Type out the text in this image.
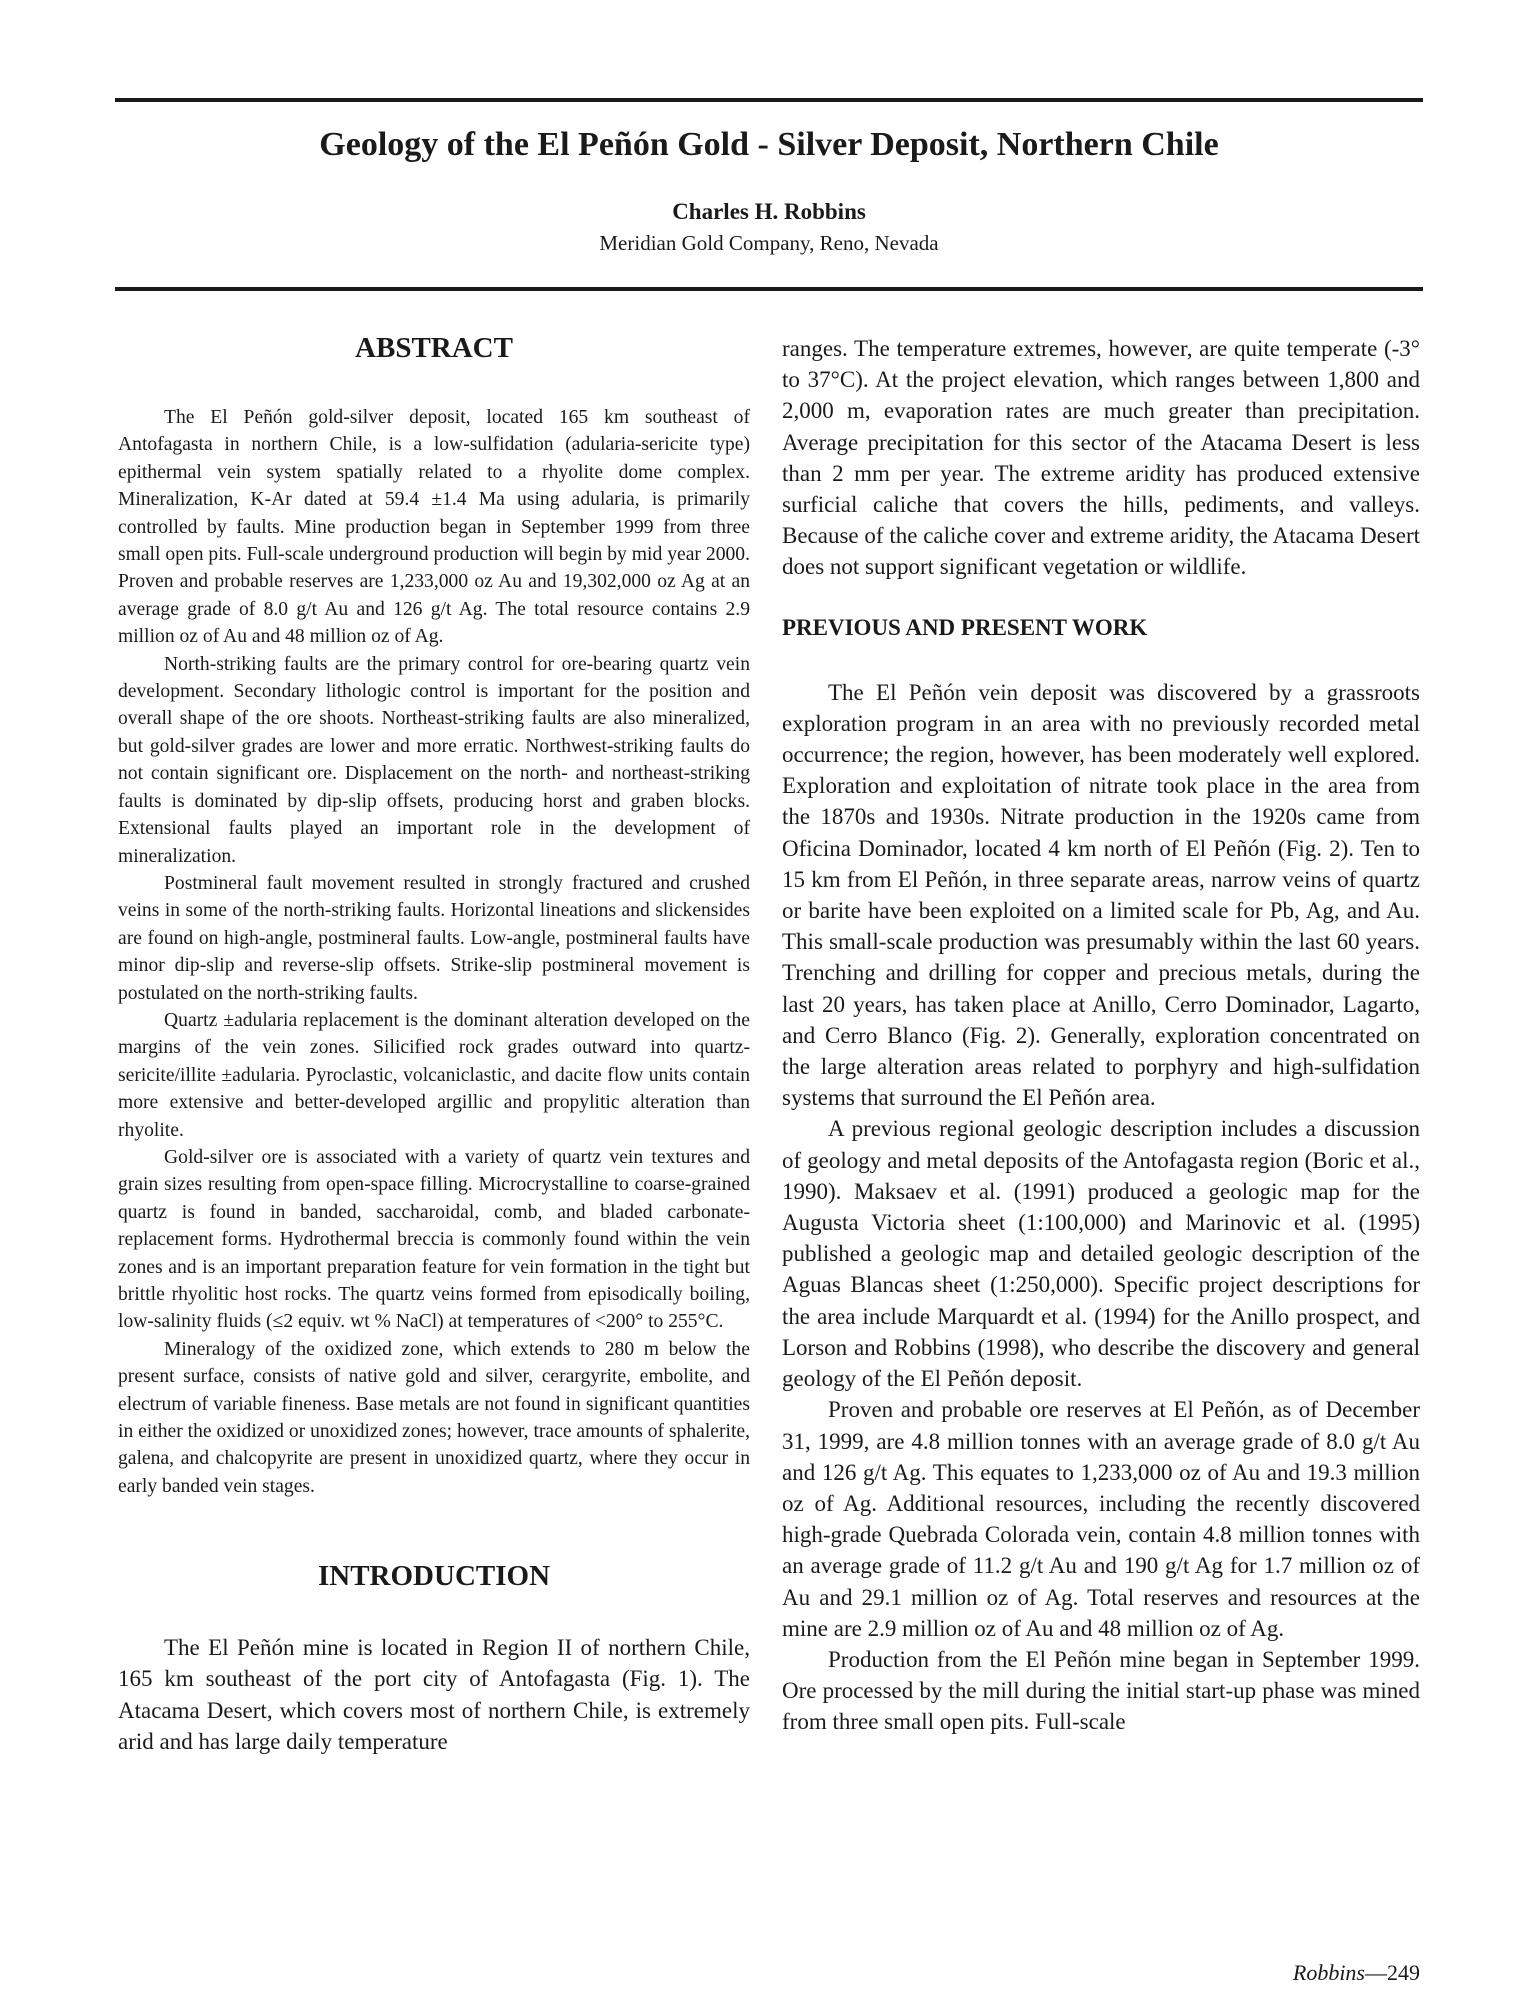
Geology of the El Peñón Gold - Silver Deposit, Northern Chile
Charles H. Robbins
Meridian Gold Company, Reno, Nevada
ABSTRACT

The El Peñón gold-silver deposit, located 165 km southeast of Antofagasta in northern Chile, is a low-sulfidation (adularia-sericite type) epithermal vein system spatially related to a rhyolite dome complex. Mineralization, K-Ar dated at 59.4 ±1.4 Ma using adularia, is primarily controlled by faults. Mine production began in September 1999 from three small open pits. Full-scale underground production will begin by mid year 2000. Proven and probable reserves are 1,233,000 oz Au and 19,302,000 oz Ag at an average grade of 8.0 g/t Au and 126 g/t Ag. The total resource contains 2.9 million oz of Au and 48 million oz of Ag.

North-striking faults are the primary control for ore-bearing quartz vein development. Secondary lithologic control is important for the position and overall shape of the ore shoots. Northeast-striking faults are also mineralized, but gold-silver grades are lower and more erratic. Northwest-striking faults do not contain significant ore. Displacement on the north- and northeast-striking faults is dominated by dip-slip offsets, producing horst and graben blocks. Extensional faults played an important role in the development of mineralization.

Postmineral fault movement resulted in strongly fractured and crushed veins in some of the north-striking faults. Horizontal lineations and slickensides are found on high-angle, postmineral faults. Low-angle, postmineral faults have minor dip-slip and reverse-slip offsets. Strike-slip postmineral movement is postulated on the north-striking faults.

Quartz ±adularia replacement is the dominant alteration developed on the margins of the vein zones. Silicified rock grades outward into quartz-sericite/illite ±adularia. Pyroclastic, volcaniclastic, and dacite flow units contain more extensive and better-developed argillic and propylitic alteration than rhyolite.

Gold-silver ore is associated with a variety of quartz vein textures and grain sizes resulting from open-space filling. Microcrystalline to coarse-grained quartz is found in banded, saccharoidal, comb, and bladed carbonate-replacement forms. Hydrothermal breccia is commonly found within the vein zones and is an important preparation feature for vein formation in the tight but brittle rhyolitic host rocks. The quartz veins formed from episodically boiling, low-salinity fluids (≤2 equiv. wt % NaCl) at temperatures of <200° to 255°C.

Mineralogy of the oxidized zone, which extends to 280 m below the present surface, consists of native gold and silver, cerargyrite, embolite, and electrum of variable fineness. Base metals are not found in significant quantities in either the oxidized or unoxidized zones; however, trace amounts of sphalerite, galena, and chalcopyrite are present in unoxidized quartz, where they occur in early banded vein stages.

INTRODUCTION

The El Peñón mine is located in Region II of northern Chile, 165 km southeast of the port city of Antofagasta (Fig. 1). The Atacama Desert, which covers most of northern Chile, is extremely arid and has large daily temperature

ranges. The temperature extremes, however, are quite temperate (-3° to 37°C). At the project elevation, which ranges between 1,800 and 2,000 m, evaporation rates are much greater than precipitation. Average precipitation for this sector of the Atacama Desert is less than 2 mm per year. The extreme aridity has produced extensive surficial caliche that covers the hills, pediments, and valleys. Because of the caliche cover and extreme aridity, the Atacama Desert does not support significant vegetation or wildlife.

PREVIOUS AND PRESENT WORK

The El Peñón vein deposit was discovered by a grassroots exploration program in an area with no previously recorded metal occurrence; the region, however, has been moderately well explored. Exploration and exploitation of nitrate took place in the area from the 1870s and 1930s. Nitrate production in the 1920s came from Oficina Dominador, located 4 km north of El Peñón (Fig. 2). Ten to 15 km from El Peñón, in three separate areas, narrow veins of quartz or barite have been exploited on a limited scale for Pb, Ag, and Au. This small-scale production was presumably within the last 60 years. Trenching and drilling for copper and precious metals, during the last 20 years, has taken place at Anillo, Cerro Dominador, Lagarto, and Cerro Blanco (Fig. 2). Generally, exploration concentrated on the large alteration areas related to porphyry and high-sulfidation systems that surround the El Peñón area.

A previous regional geologic description includes a discussion of geology and metal deposits of the Antofagasta region (Boric et al., 1990). Maksaev et al. (1991) produced a geologic map for the Augusta Victoria sheet (1:100,000) and Marinovic et al. (1995) published a geologic map and detailed geologic description of the Aguas Blancas sheet (1:250,000). Specific project descriptions for the area include Marquardt et al. (1994) for the Anillo prospect, and Lorson and Robbins (1998), who describe the discovery and general geology of the El Peñón deposit.

Proven and probable ore reserves at El Peñón, as of December 31, 1999, are 4.8 million tonnes with an average grade of 8.0 g/t Au and 126 g/t Ag. This equates to 1,233,000 oz of Au and 19.3 million oz of Ag. Additional resources, including the recently discovered high-grade Quebrada Colorada vein, contain 4.8 million tonnes with an average grade of 11.2 g/t Au and 190 g/t Ag for 1.7 million oz of Au and 29.1 million oz of Ag. Total reserves and resources at the mine are 2.9 million oz of Au and 48 million oz of Ag.

Production from the El Peñón mine began in September 1999. Ore processed by the mill during the initial start-up phase was mined from three small open pits. Full-scale

Robbins—249
